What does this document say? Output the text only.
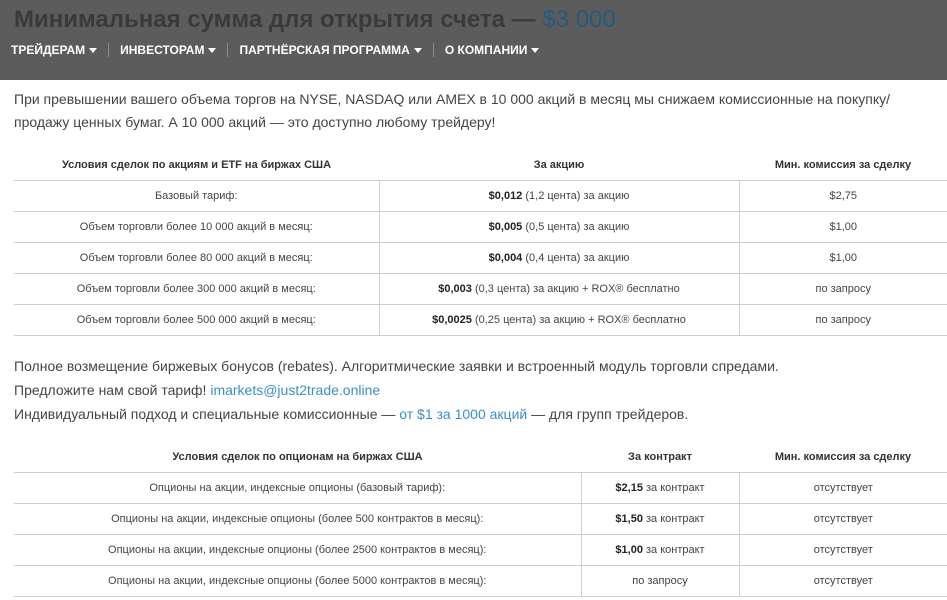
Минимальная сумма для открытия счета — $3 000
ТРЕЙДЕРАМ	ИНВЕСТОРАМ	ПАРТНЁРСКАЯ ПРОГРАММА	О КОМПАНИИ

При превышении вашего объема торгов на NYSE, NASDAQ или AMEX в 10 000 акций в месяц мы снижаем комиссионные на покупку/продажу ценных бумаг. А 10 000 акций — это доступно любому трейдеру!

Условия сделок по акциям и ETF на биржах США	За акцию	Мин. комиссия за сделку
Базовый тариф:	$0,012 (1,2 цента) за акцию	$2,75
Объем торговли более 10 000 акций в месяц:	$0,005 (0,5 цента) за акцию	$1,00
Объем торговли более 80 000 акций в месяц:	$0,004 (0,4 цента) за акцию	$1,00
Объем торговли более 300 000 акций в месяц:	$0,003 (0,3 цента) за акцию + ROX® бесплатно	по запросу
Объем торговли более 500 000 акций в месяц:	$0,0025 (0,25 цента) за акцию + ROX® бесплатно	по запросу
Полное возмещение биржевых бонусов (rebates). Алгоритмические заявки и встроенный модуль торговли спредами.
Предложите нам свой тариф! imarkets@just2trade.online
Индивидуальный подход и специальные комиссионные — от $1 за 1000 акций — для групп трейдеров.
Условия сделок по опционам на биржах США	За контракт	Мин. комиссия за сделку
Опционы на акции, индексные опционы (базовый тариф):	$2,15 за контракт	отсутствует
Опционы на акции, индексные опционы (более 500 контрактов в месяц):	$1,50 за контракт	отсутствует
Опционы на акции, индексные опционы (более 2500 контрактов в месяц):	$1,00 за контракт	отсутствует
Опционы на акции, индексные опционы (более 5000 контрактов в месяц):	по запросу	отсутствует
